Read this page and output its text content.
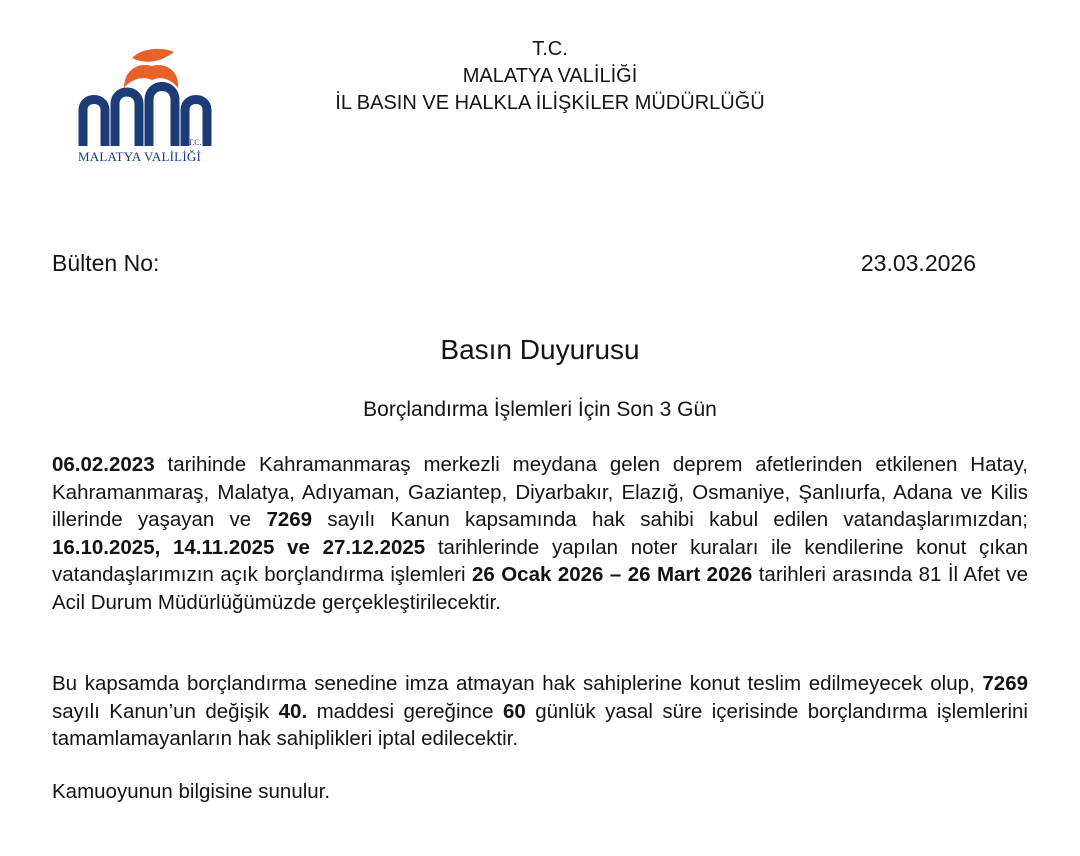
T.C.
MALATYA VALİLİĞİ
T.C.
MALATYA VALİLİĞİ
İL BASIN VE HALKLA İLİŞKİLER MÜDÜRLÜĞÜ
Bülten No:	23.03.2026
Basın Duyurusu
Borçlandırma İşlemleri İçin Son 3 Gün

06.02.2023 tarihinde Kahramanmaraş merkezli meydana gelen deprem afetlerinden etkilenen Hatay, Kahramanmaraş, Malatya, Adıyaman, Gaziantep, Diyarbakır, Elazığ, Osmaniye, Şanlıurfa, Adana ve Kilis illerinde yaşayan ve 7269 sayılı Kanun kapsamında hak sahibi kabul edilen vatandaşlarımızdan; 16.10.2025, 14.11.2025 ve 27.12.2025 tarihlerinde yapılan noter kuraları ile kendilerine konut çıkan vatandaşlarımızın açık borçlandırma işlemleri 26 Ocak 2026 – 26 Mart 2026 tarihleri arasında 81 İl Afet ve Acil Durum Müdürlüğümüzde gerçekleştirilecektir.

Bu kapsamda borçlandırma senedine imza atmayan hak sahiplerine konut teslim edilmeyecek olup, 7269 sayılı Kanun’un değişik 40. maddesi gereğince 60 günlük yasal süre içerisinde borçlandırma işlemlerini tamamlamayanların hak sahiplikleri iptal edilecektir.

Kamuoyunun bilgisine sunulur.
